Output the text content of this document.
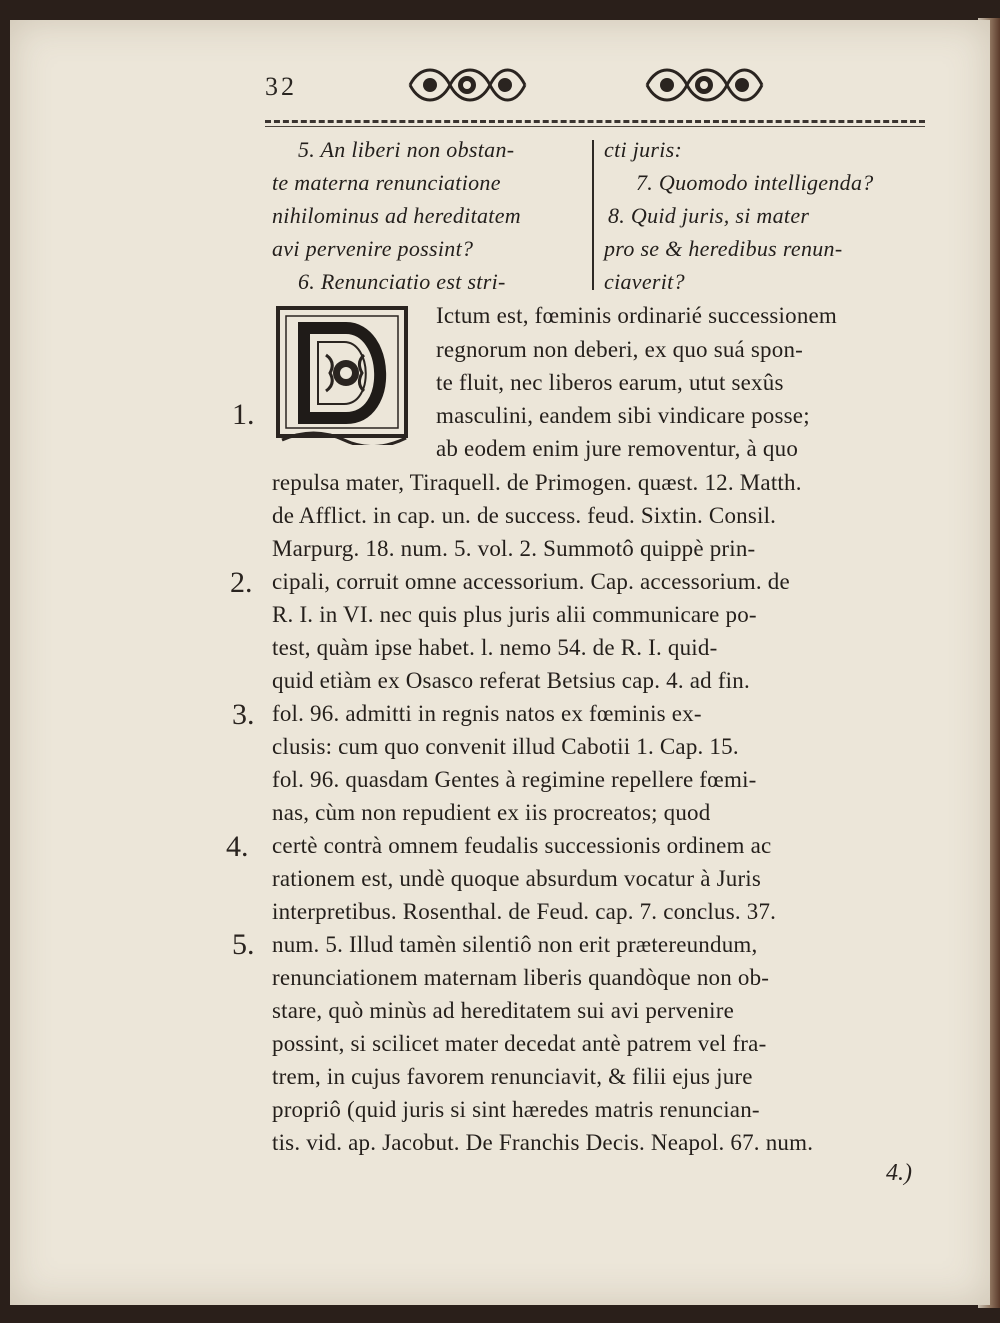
32
5. An liberi non obstan-
te materna renunciatione
nihilominus ad hereditatem
avi pervenire possint?
6. Renunciatio est stri-
cti juris:
7. Quomodo intelligenda?
8. Quid juris, si mater
pro se & heredibus renun-
ciaverit?
1.
2.
3.
4.
5.
Ictum est, fœminis ordinarié successionem
regnorum non deberi, ex quo suá spon-
te fluit, nec liberos earum, utut sexûs
masculini, eandem sibi vindicare posse;
ab eodem enim jure removentur, à quo
repulsa mater, Tiraquell. de Primogen. quæst. 12. Matth.
de Afflict. in cap. un. de success. feud. Sixtin. Consil.
Marpurg. 18. num. 5. vol. 2. Summotô quippè prin-
cipali, corruit omne accessorium. Cap. accessorium. de
R. I. in VI. nec quis plus juris alii communicare po-
test, quàm ipse habet. l. nemo 54. de R. I. quid-
quid etiàm ex Osasco referat Betsius cap. 4. ad fin.
fol. 96. admitti in regnis natos ex fœminis ex-
clusis: cum quo convenit illud Cabotii 1. Cap. 15.
fol. 96. quasdam Gentes à regimine repellere fœmi-
nas, cùm non repudient ex iis procreatos; quod
certè contrà omnem feudalis successionis ordinem ac
rationem est, undè quoque absurdum vocatur à Juris
interpretibus. Rosenthal. de Feud. cap. 7. conclus. 37.
num. 5. Illud tamèn silentiô non erit prætereundum,
renunciationem maternam liberis quandòque non ob-
stare, quò minùs ad hereditatem sui avi pervenire
possint, si scilicet mater decedat antè patrem vel fra-
trem, in cujus favorem renunciavit, & filii ejus jure
propriô (quid juris si sint hæredes matris renuncian-
tis. vid. ap. Jacobut. De Franchis Decis. Neapol. 67. num.
4.)
